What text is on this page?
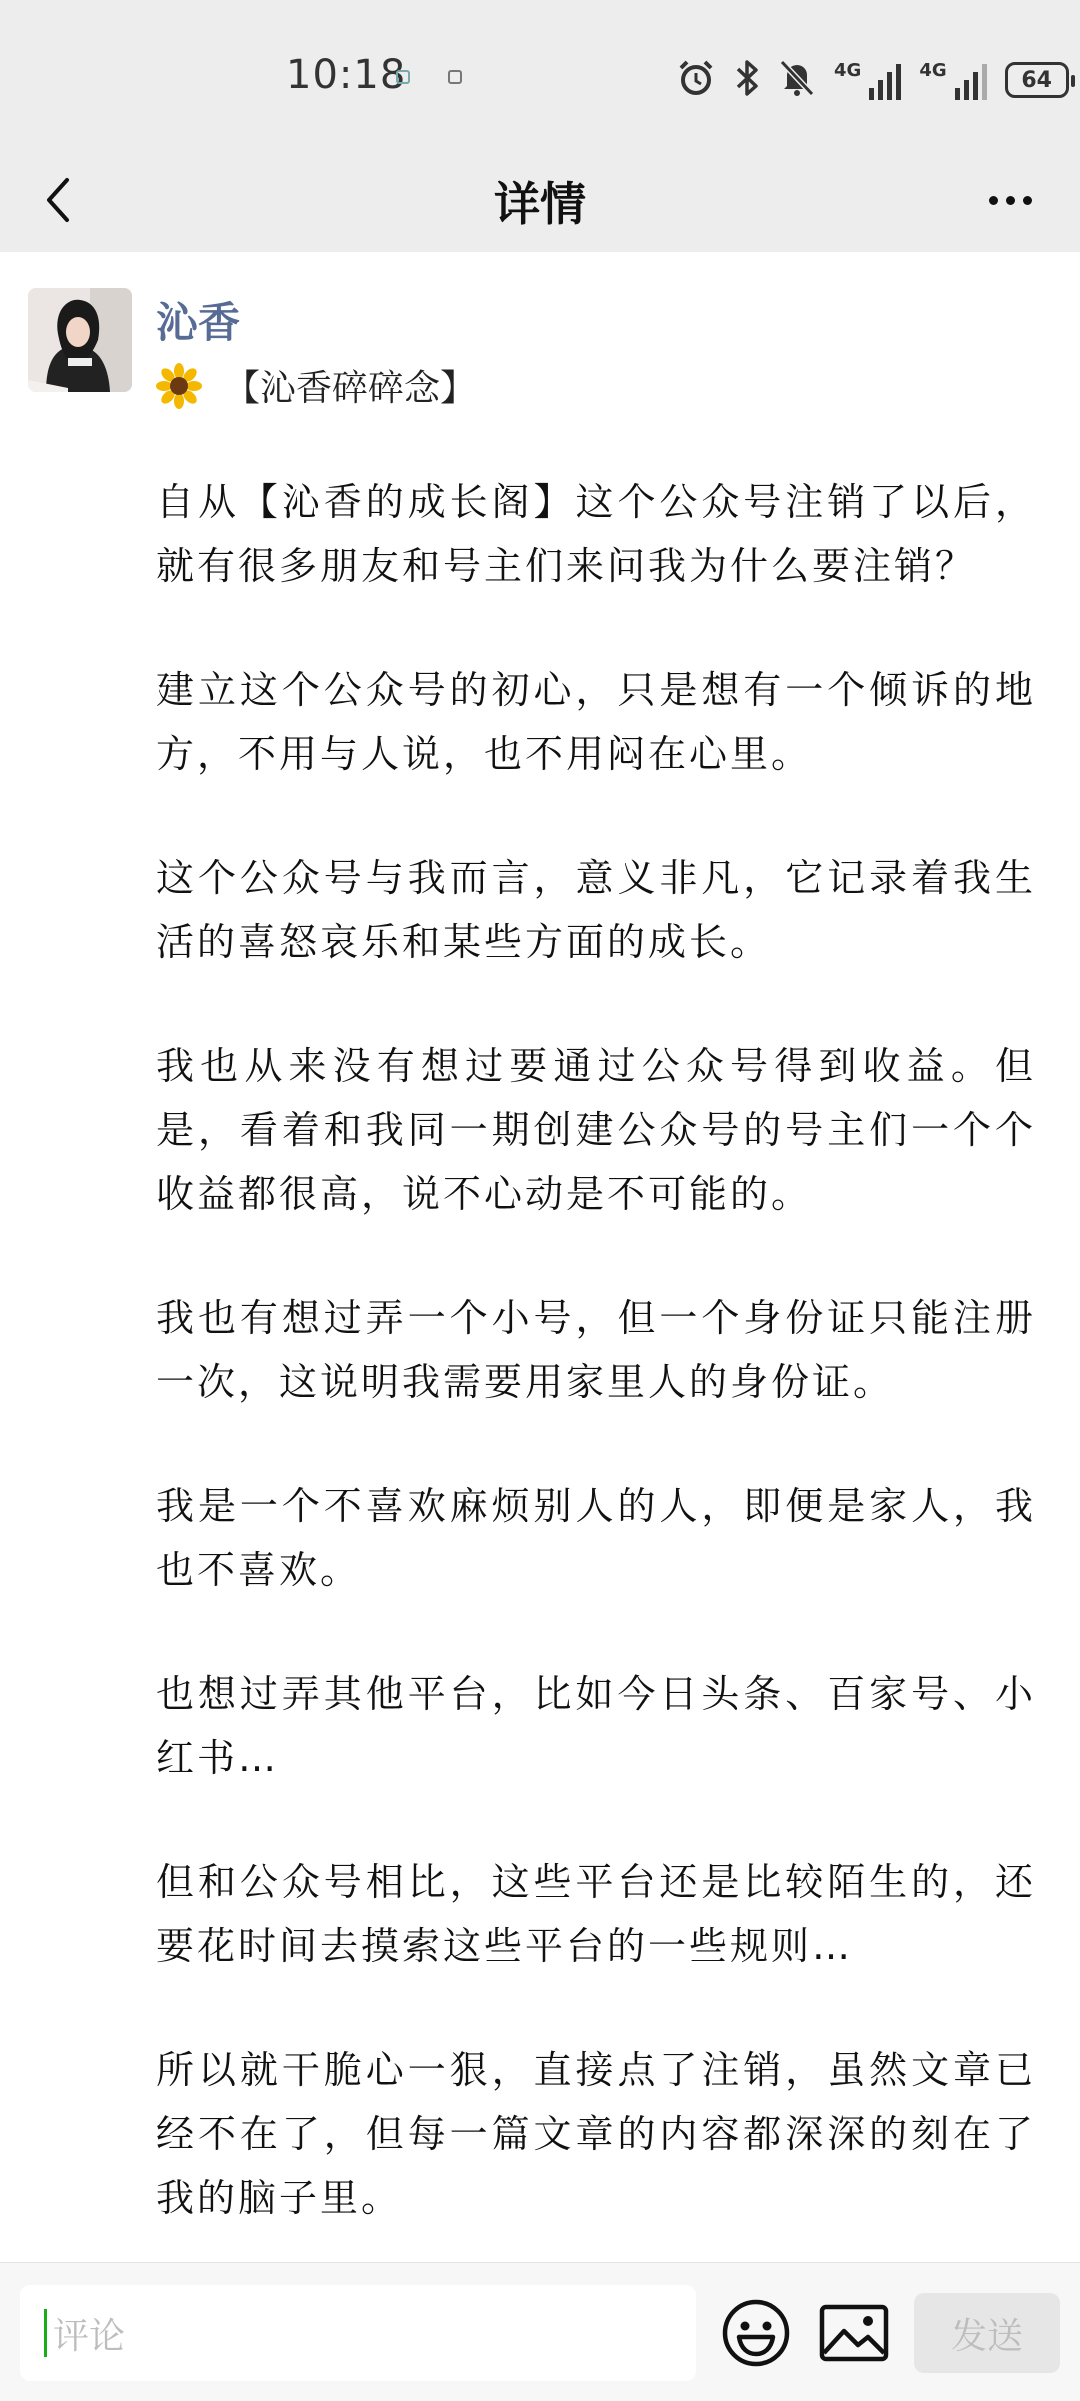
10:18	4G	4G	64
详情
沁香
【沁香碎碎念】

自从【沁香的成长阁】这个公众号注销了以后，就有很多朋友和号主们来问我为什么要注销？

建立这个公众号的初心，只是想有一个倾诉的地方，不用与人说，也不用闷在心里。

这个公众号与我而言，意义非凡，它记录着我生活的喜怒哀乐和某些方面的成长。

我也从来没有想过要通过公众号得到收益。但是，看着和我同一期创建公众号的号主们一个个收益都很高，说不心动是不可能的。

我也有想过弄一个小号，但一个身份证只能注册一次，这说明我需要用家里人的身份证。

我是一个不喜欢麻烦别人的人，即便是家人，我也不喜欢。

也想过弄其他平台，比如今日头条、百家号、小红书…

但和公众号相比，这些平台还是比较陌生的，还要花时间去摸索这些平台的一些规则…

所以就干脆心一狠，直接点了注销，虽然文章已经不在了，但每一篇文章的内容都深深的刻在了我的脑子里。

评论	发送
